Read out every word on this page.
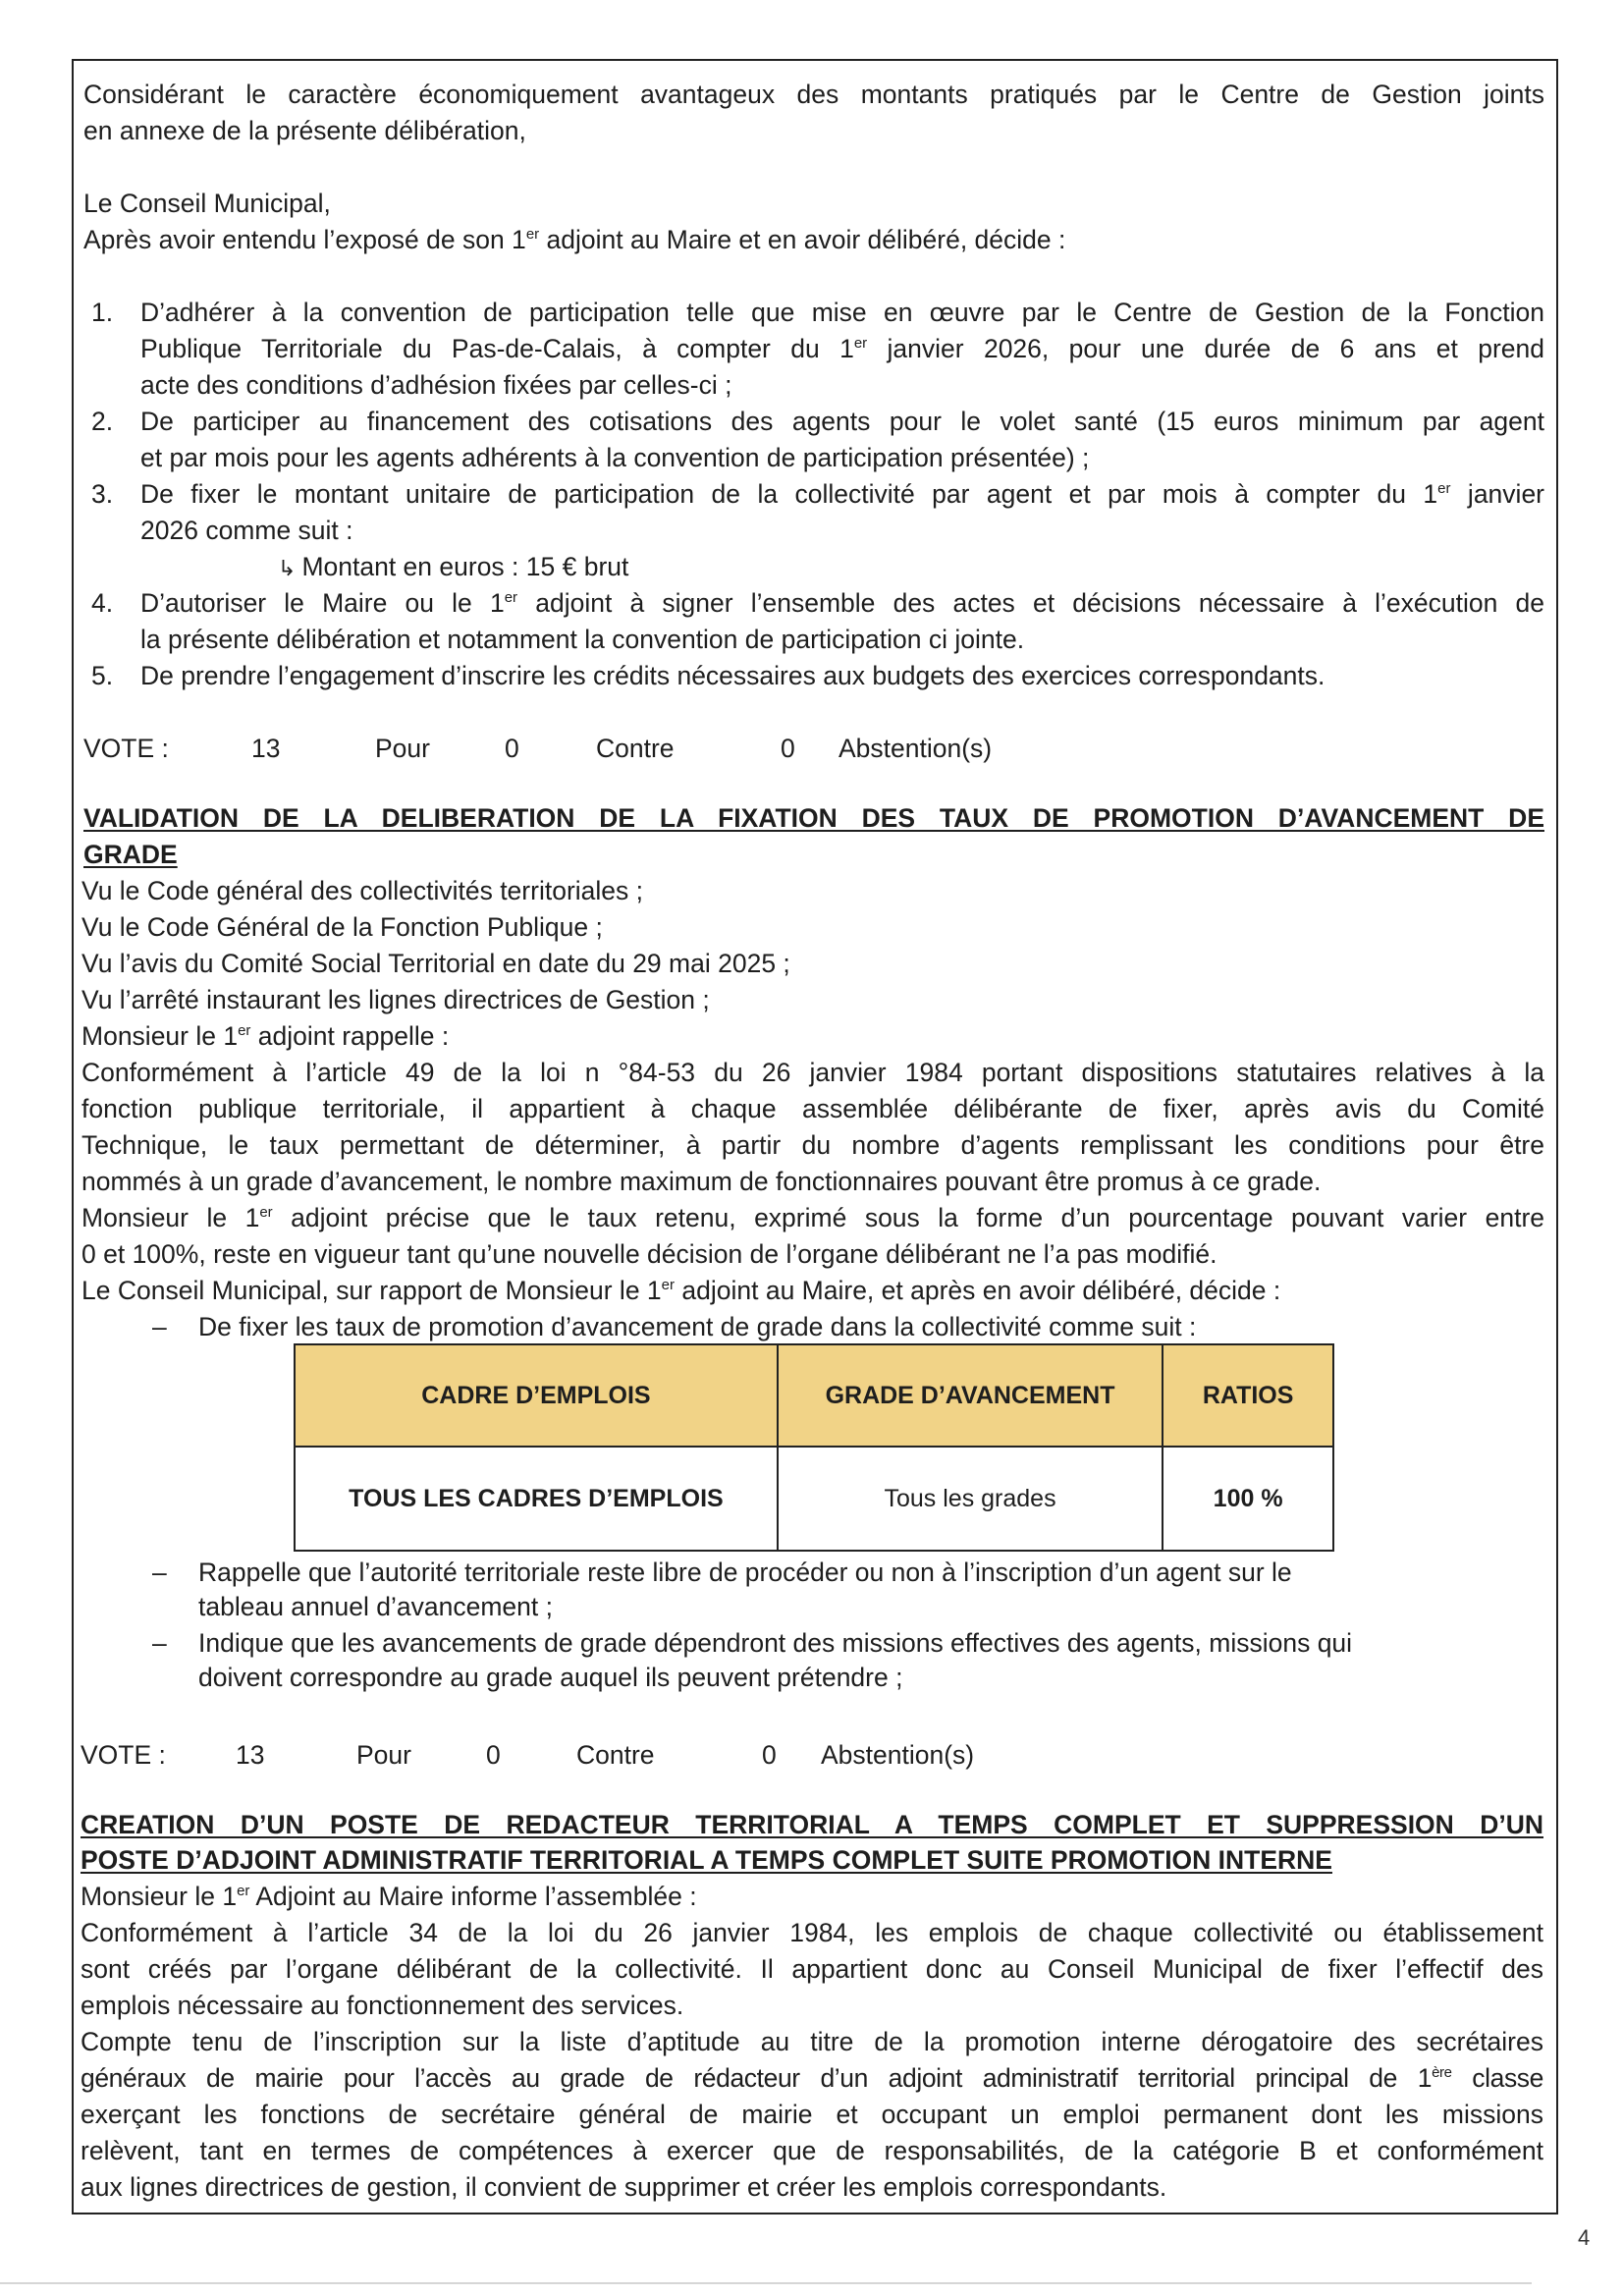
Considérant le caractère économiquement avantageux des montants pratiqués par le Centre de Gestion joints
en annexe de la présente délibération,
Le Conseil Municipal,
Après avoir entendu l’exposé de son 1er adjoint au Maire et en avoir délibéré, décide :
1. D’adhérer à la convention de participation telle que mise en œuvre par le Centre de Gestion de la Fonction
Publique Territoriale du Pas-de-Calais, à compter du 1er janvier 2026, pour une durée de 6 ans et prend
acte des conditions d’adhésion fixées par celles-ci ;
2. De participer au financement des cotisations des agents pour le volet santé (15 euros minimum par agent
et par mois pour les agents adhérents à la convention de participation présentée) ;
3. De fixer le montant unitaire de participation de la collectivité par agent et par mois à compter du 1er janvier
2026 comme suit :
↳ Montant en euros : 15 € brut
4. D’autoriser le Maire ou le 1er adjoint à signer l’ensemble des actes et décisions nécessaire à l’exécution de
la présente délibération et notamment la convention de participation ci jointe.
5. De prendre l’engagement d’inscrire les crédits nécessaires aux budgets des exercices correspondants.
VOTE :	13	Pour	0	Contre	0 Abstention(s)
VALIDATION DE LA DELIBERATION DE LA FIXATION DES TAUX DE PROMOTION D’AVANCEMENT DE
GRADE
Vu le Code général des collectivités territoriales ;
Vu le Code Général de la Fonction Publique ;
Vu l’avis du Comité Social Territorial en date du 29 mai 2025 ;
Vu l’arrêté instaurant les lignes directrices de Gestion ;
Monsieur le 1er adjoint rappelle :
Conformément à l’article 49 de la loi n °84-53 du 26 janvier 1984 portant dispositions statutaires relatives à la
fonction publique territoriale, il appartient à chaque assemblée délibérante de fixer, après avis du Comité
Technique, le taux permettant de déterminer, à partir du nombre d’agents remplissant les conditions pour être
nommés à un grade d’avancement, le nombre maximum de fonctionnaires pouvant être promus à ce grade.
Monsieur le 1er adjoint précise que le taux retenu, exprimé sous la forme d’un pourcentage pouvant varier entre
0 et 100%, reste en vigueur tant qu’une nouvelle décision de l’organe délibérant ne l’a pas modifié.
Le Conseil Municipal, sur rapport de Monsieur le 1er adjoint au Maire, et après en avoir délibéré, décide :
– De fixer les taux de promotion d’avancement de grade dans la collectivité comme suit :
CADRE D’EMPLOIS	GRADE D’AVANCEMENT	RATIOS
TOUS LES CADRES D’EMPLOIS	Tous les grades	100 %
– Rappelle que l’autorité territoriale reste libre de procéder ou non à l’inscription d’un agent sur le
tableau annuel d’avancement ;
– Indique que les avancements de grade dépendront des missions effectives des agents, missions qui
doivent correspondre au grade auquel ils peuvent prétendre ;
VOTE :	13	Pour	0	Contre	0 Abstention(s)
CREATION D’UN POSTE DE REDACTEUR TERRITORIAL A TEMPS COMPLET ET SUPPRESSION D’UN
POSTE D’ADJOINT ADMINISTRATIF TERRITORIAL A TEMPS COMPLET SUITE PROMOTION INTERNE
Monsieur le 1er Adjoint au Maire informe l’assemblée :
Conformément à l’article 34 de la loi du 26 janvier 1984, les emplois de chaque collectivité ou établissement
sont créés par l’organe délibérant de la collectivité. Il appartient donc au Conseil Municipal de fixer l’effectif des
emplois nécessaire au fonctionnement des services.
Compte tenu de l’inscription sur la liste d’aptitude au titre de la promotion interne dérogatoire des secrétaires
généraux de mairie pour l’accès au grade de rédacteur d’un adjoint administratif territorial principal de 1ère classe
exerçant les fonctions de secrétaire général de mairie et occupant un emploi permanent dont les missions
relèvent, tant en termes de compétences à exercer que de responsabilités, de la catégorie B et conformément
aux lignes directrices de gestion, il convient de supprimer et créer les emplois correspondants.
4
